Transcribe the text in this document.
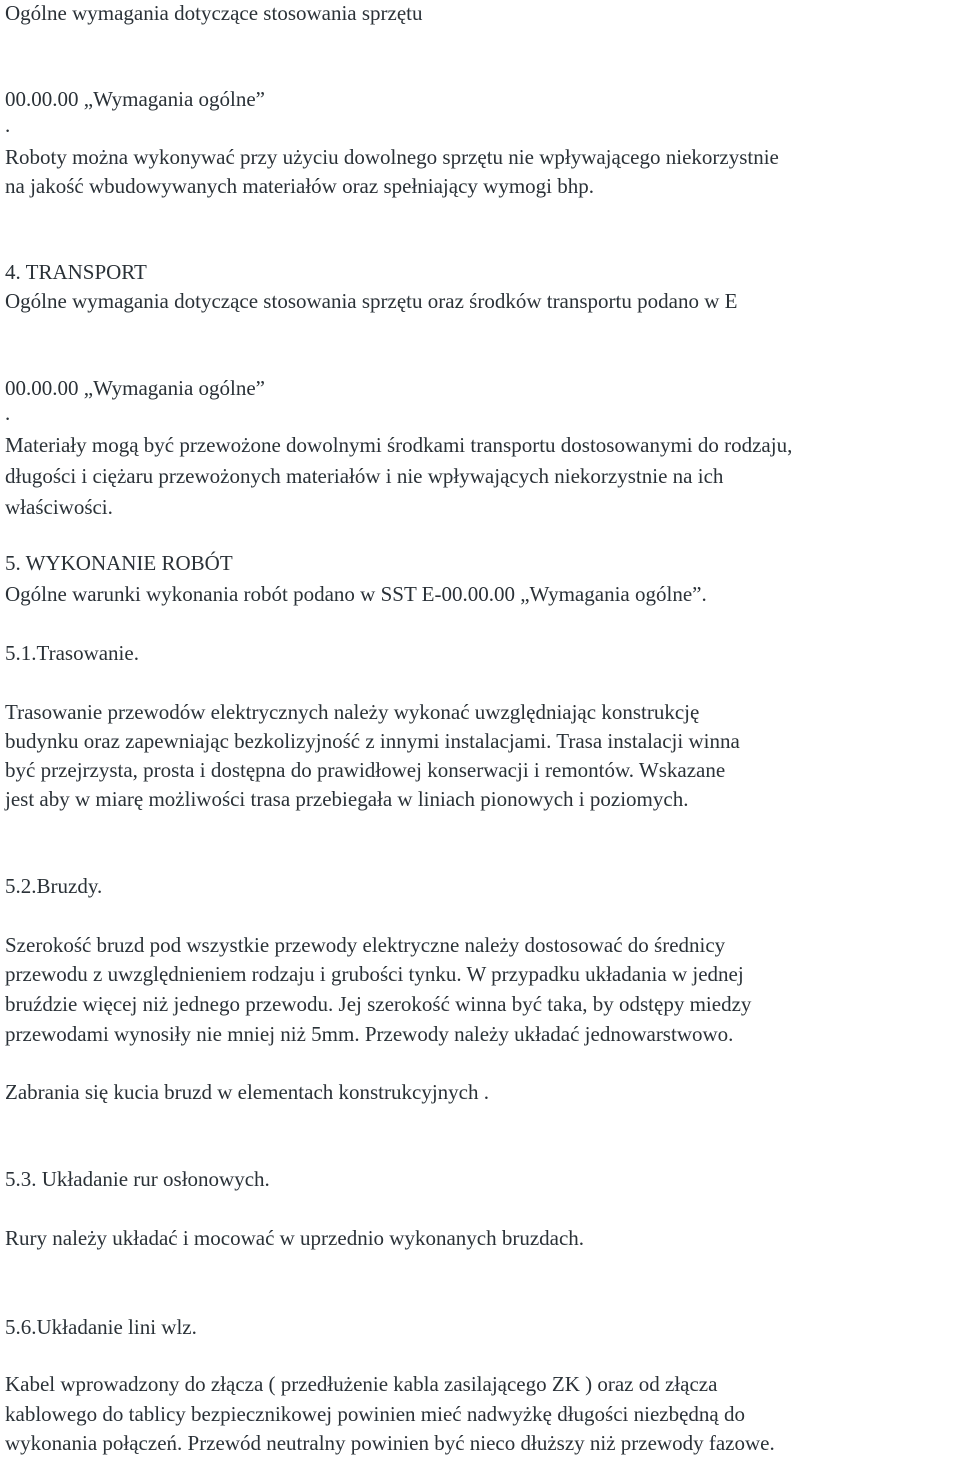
Ogólne wymagania dotyczące stosowania sprzętu

00.00.00 „Wymagania ogólne”

.

Roboty można wykonywać przy użyciu dowolnego sprzętu nie wpływającego niekorzystnie

na jakość wbudowywanych materiałów oraz spełniający wymogi bhp.

4. TRANSPORT

Ogólne wymagania dotyczące stosowania sprzętu oraz środków transportu podano w E

00.00.00 „Wymagania ogólne”

.

Materiały mogą być przewożone dowolnymi środkami transportu dostosowanymi do rodzaju,

długości i ciężaru przewożonych materiałów i nie wpływających niekorzystnie na ich

właściwości.

5. WYKONANIE ROBÓT

Ogólne warunki wykonania robót podano w SST E-00.00.00 „Wymagania ogólne”.

5.1.Trasowanie.

Trasowanie przewodów elektrycznych należy wykonać uwzględniając konstrukcję

budynku oraz zapewniając bezkolizyjność z innymi instalacjami. Trasa instalacji winna

być przejrzysta, prosta i dostępna do prawidłowej konserwacji i remontów. Wskazane

jest aby w miarę możliwości trasa przebiegała w liniach pionowych i poziomych.

5.2.Bruzdy.

Szerokość bruzd pod wszystkie przewody elektryczne należy dostosować do średnicy

przewodu z uwzględnieniem rodzaju i grubości tynku. W przypadku układania w jednej

bruździe więcej niż jednego przewodu. Jej szerokość winna być taka, by odstępy miedzy

przewodami wynosiły nie mniej niż 5mm. Przewody należy układać jednowarstwowo.

Zabrania się kucia bruzd w elementach konstrukcyjnych .

5.3. Układanie rur osłonowych.

Rury należy układać i mocować w uprzednio wykonanych bruzdach.

5.6.Układanie lini wlz.

Kabel wprowadzony do złącza ( przedłużenie kabla zasilającego ZK ) oraz od złącza

kablowego do tablicy bezpiecznikowej powinien mieć nadwyżkę długości niezbędną do

wykonania połączeń. Przewód neutralny powinien być nieco dłuższy niż przewody fazowe.
